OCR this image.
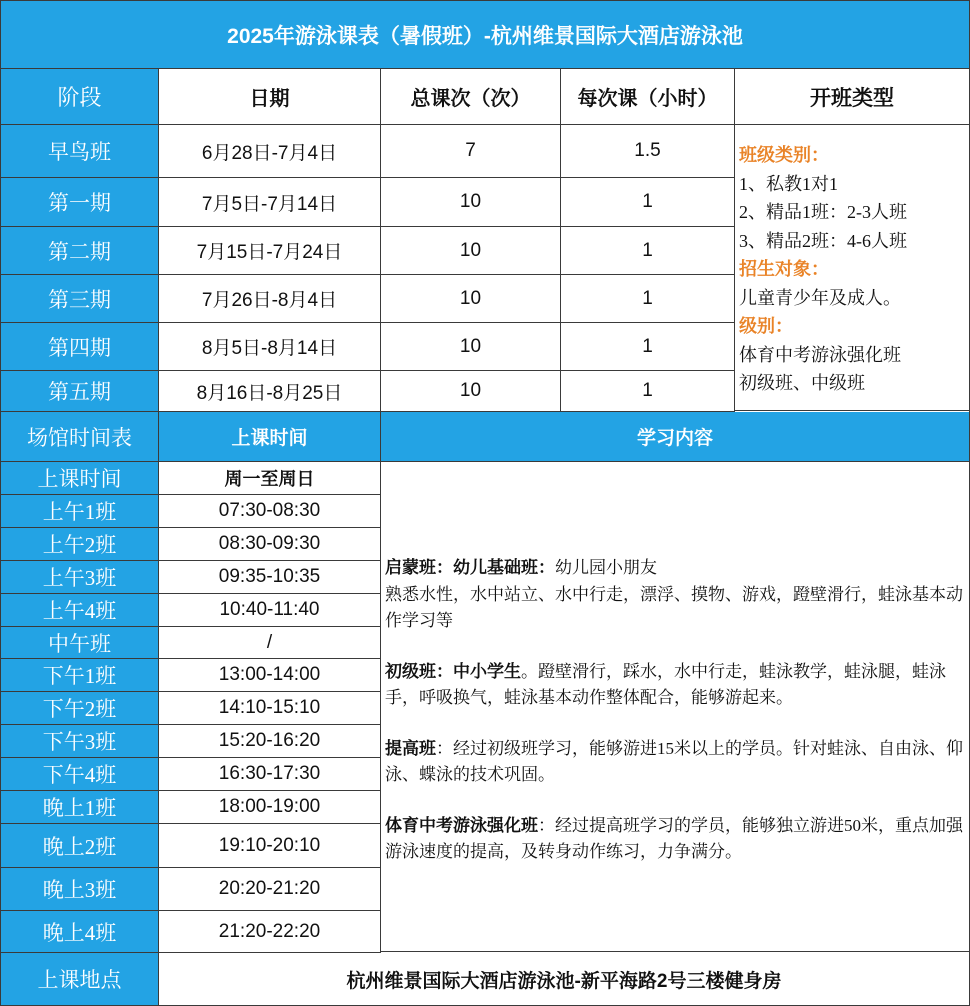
2025年游泳课表（暑假班）-杭州维景国际大酒店游泳池
阶段	日期	总课次（次）	每次课（小时）	开班类型
早鸟班	6月28日-7月4日	7	1.5
第一期	7月5日-7月14日	10	1
第二期	7月15日-7月24日	10	1
第三期	7月26日-8月4日	10	1
第四期	8月5日-8月14日	10	1
第五期	8月16日-8月25日	10	1
班级类别：
1、私教1对1
2、精品1班：2-3人班
3、精品2班：4-6人班
招生对象：
儿童青少年及成人。
级别：
体育中考游泳强化班
初级班、中级班
场馆时间表	上课时间	学习内容
上课时间	周一至周日
上午1班	07:30-08:30
上午2班	08:30-09:30
上午3班	09:35-10:35
上午4班	10:40-11:40
中午班	/
下午1班	13:00-14:00
下午2班	14:10-15:10
下午3班	15:20-16:20
下午4班	16:30-17:30
晚上1班	18:00-19:00
晚上2班	19:10-20:10
晚上3班	20:20-21:20
晚上4班	21:20-22:20

启蒙班：幼儿基础班：幼儿园小朋友
熟悉水性，水中站立、水中行走，漂浮、摸物、游戏，蹬壁滑行，蛙泳基本动作学习等

初级班：中小学生。蹬壁滑行，踩水，水中行走，蛙泳教学，蛙泳腿，蛙泳手，呼吸换气，蛙泳基本动作整体配合，能够游起来。

提高班：经过初级班学习，能够游进15米以上的学员。针对蛙泳、自由泳、仰泳、蝶泳的技术巩固。

体育中考游泳强化班：经过提高班学习的学员，能够独立游进50米，重点加强游泳速度的提高，及转身动作练习，力争满分。

上课地点	杭州维景国际大酒店游泳池-新平海路2号三楼健身房
